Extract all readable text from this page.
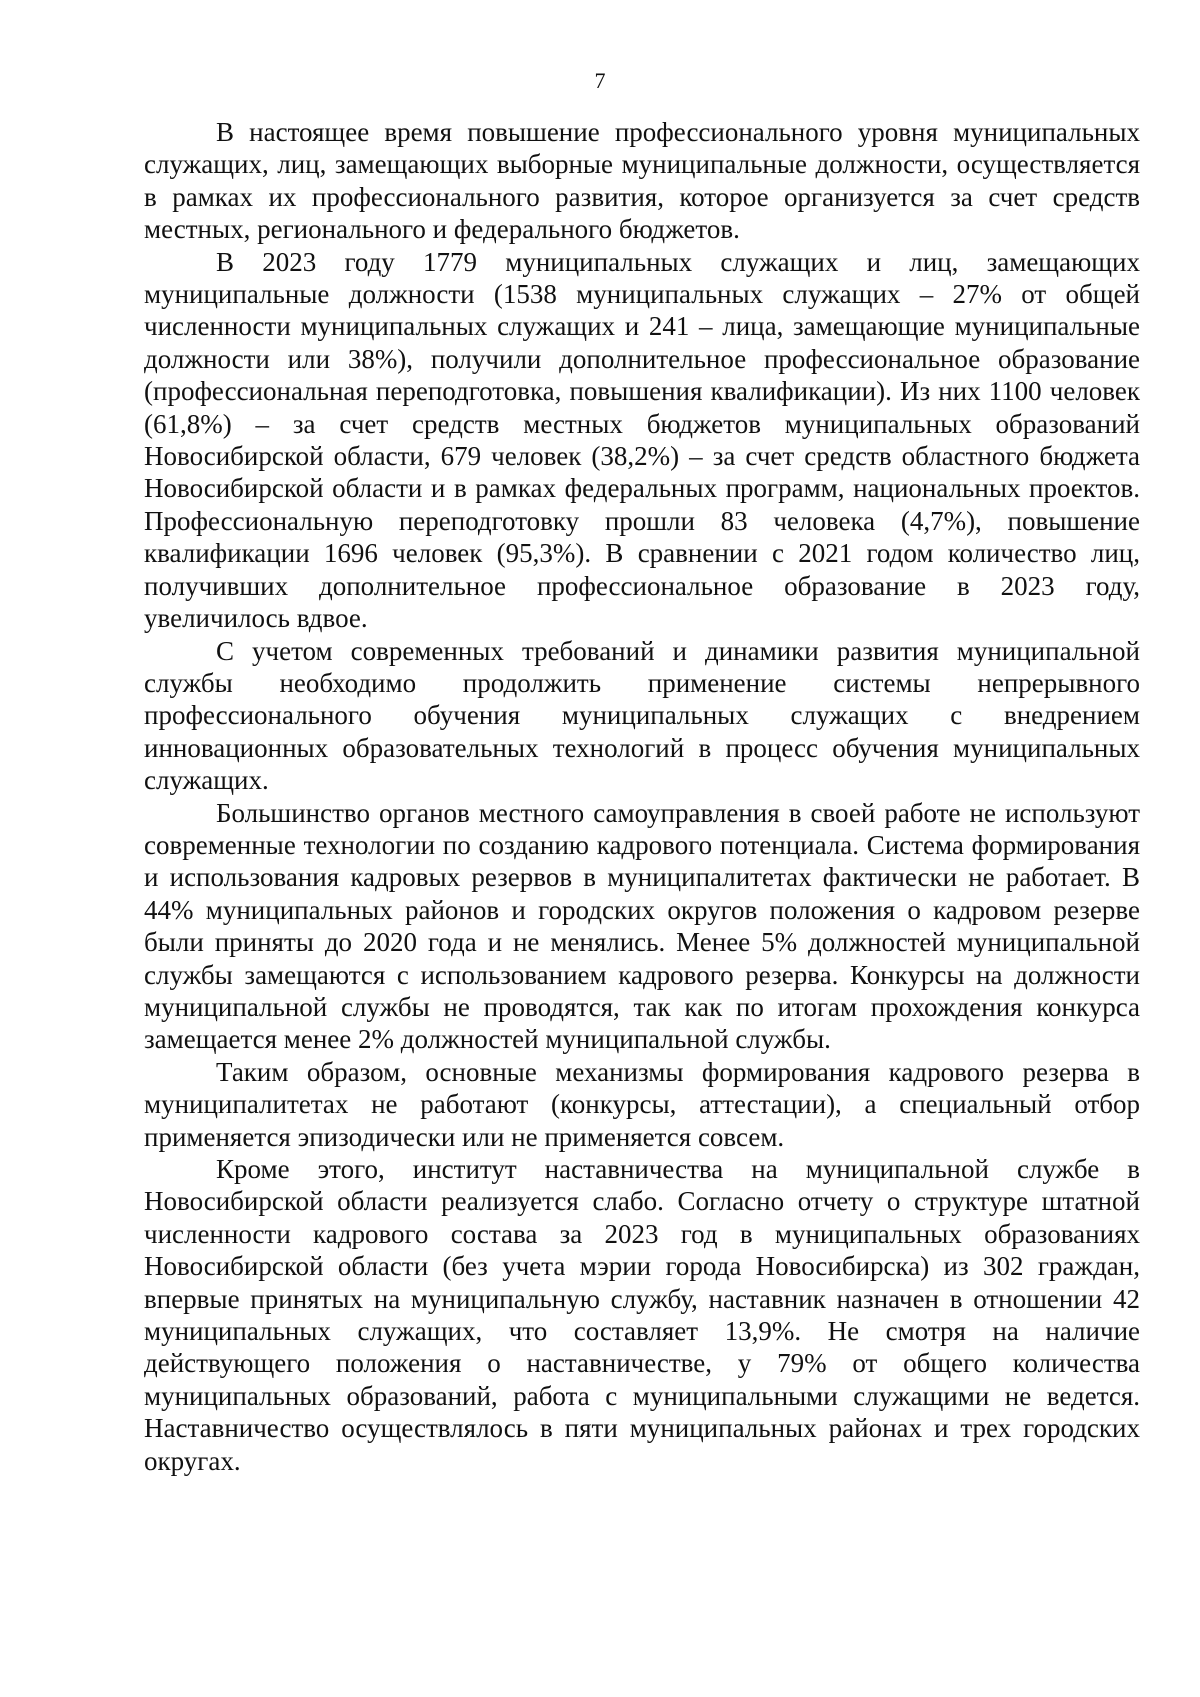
7

В настоящее время повышение профессионального уровня муниципальных служащих, лиц, замещающих выборные муниципальные должности, осуществляется в рамках их профессионального развития, которое организуется за счет средств местных, регионального и федерального бюджетов.

В 2023 году 1779 муниципальных служащих и лиц, замещающих муниципальные должности (1538 муниципальных служащих – 27% от общей численности муниципальных служащих и 241 – лица, замещающие муниципальные должности или 38%), получили дополнительное профессиональное образование (профессиональная переподготовка, повышения квалификации). Из них 1100 человек (61,8%) – за счет средств местных бюджетов муниципальных образований Новосибирской области, 679 человек (38,2%) – за счет средств областного бюджета Новосибирской области и в рамках федеральных программ, национальных проектов. Профессиональную переподготовку прошли 83 человека (4,7%), повышение квалификации 1696 человек (95,3%). В сравнении с 2021 годом количество лиц, получивших дополнительное профессиональное образование в 2023 году, увеличилось вдвое.

С учетом современных требований и динамики развития муниципальной службы необходимо продолжить применение системы непрерывного профессионального обучения муниципальных служащих с внедрением инновационных образовательных технологий в процесс обучения муниципальных служащих.

Большинство органов местного самоуправления в своей работе не используют современные технологии по созданию кадрового потенциала. Система формирования и использования кадровых резервов в муниципалитетах фактически не работает. В 44% муниципальных районов и городских округов положения о кадровом резерве были приняты до 2020 года и не менялись. Менее 5% должностей муниципальной службы замещаются с использованием кадрового резерва. Конкурсы на должности муниципальной службы не проводятся, так как по итогам прохождения конкурса замещается менее 2% должностей муниципальной службы.

Таким образом, основные механизмы формирования кадрового резерва в муниципалитетах не работают (конкурсы, аттестации), а специальный отбор применяется эпизодически или не применяется совсем.

Кроме этого, институт наставничества на муниципальной службе в Новосибирской области реализуется слабо. Согласно отчету о структуре штатной численности кадрового состава за 2023 год в муниципальных образованиях Новосибирской области (без учета мэрии города Новосибирска) из 302 граждан, впервые принятых на муниципальную службу, наставник назначен в отношении 42 муниципальных служащих, что составляет 13,9%. Не смотря на наличие действующего положения о наставничестве, у 79% от общего количества муниципальных образований, работа с муниципальными служащими не ведется. Наставничество осуществлялось в пяти муниципальных районах и трех городских округах.
